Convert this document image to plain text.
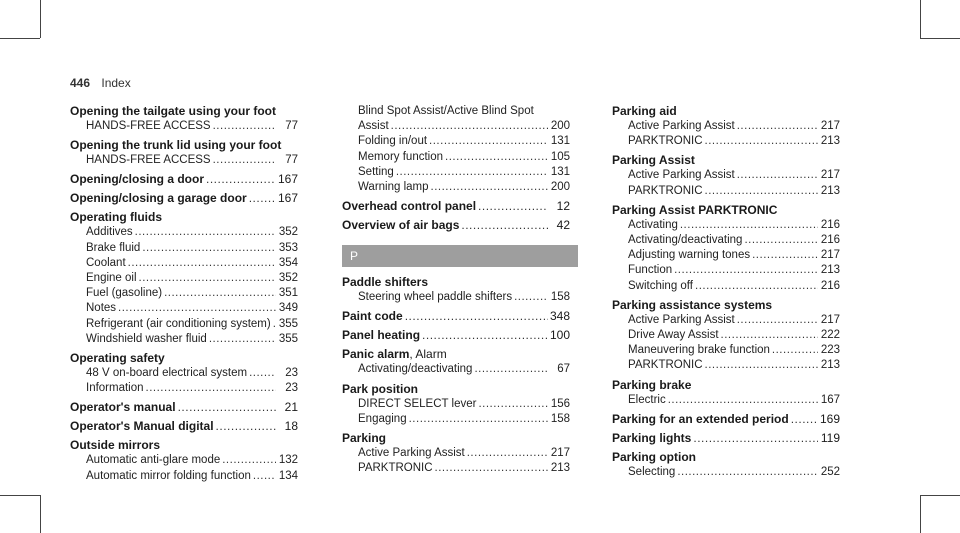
446 Index
Opening the tailgate using your foot
HANDS-FREE ACCESS .....	77
Opening the trunk lid using your foot
HANDS-FREE ACCESS .....	77
Opening/closing a door .....	167
Opening/closing a garage door .....	167
Operating fluids
Additives .....	352
Brake fluid .....	353
Coolant .....	354
Engine oil .....	352
Fuel (gasoline) .....	351
Notes .....	349
Refrigerant (air conditioning system) ..... 355
Windshield washer fluid .....	355
Operating safety
48 V on-board electrical system .....	23
Information .....	23
Operator's manual .....	21
Operator's Manual digital .....	18
Outside mirrors
Automatic anti-glare mode .....	132
Automatic mirror folding function ..... 134
Blind Spot Assist/Active Blind Spot
Assist .....	200
Folding in/out .....	131
Memory function .....	105
Setting .....	131
Warning lamp .....	200
Overhead control panel .....	12
Overview of air bags .....	42
P
Paddle shifters
Steering wheel paddle shifters .....	158
Paint code .....	348
Panel heating .....	100
Panic alarm , Alarm
Activating/deactivating .....	67
Park position
DIRECT SELECT lever .....	156
Engaging .....	158
Parking
Active Parking Assist .....	217
PARKTRONIC .....	213
Parking aid
Active Parking Assist .....	217
PARKTRONIC .....	213
Parking Assist
Active Parking Assist .....	217
PARKTRONIC .....	213
Parking Assist PARKTRONIC
Activating .....	216
Activating/deactivating .....	216
Adjusting warning tones .....	217
Function .....	213
Switching off .....	216
Parking assistance systems
Active Parking Assist .....	217
Drive Away Assist .....	222
Maneuvering brake function .....	223
PARKTRONIC .....	213
Parking brake
Electric .....	167
Parking for an extended period .....	169
Parking lights .....	119
Parking option
Selecting .....	252
